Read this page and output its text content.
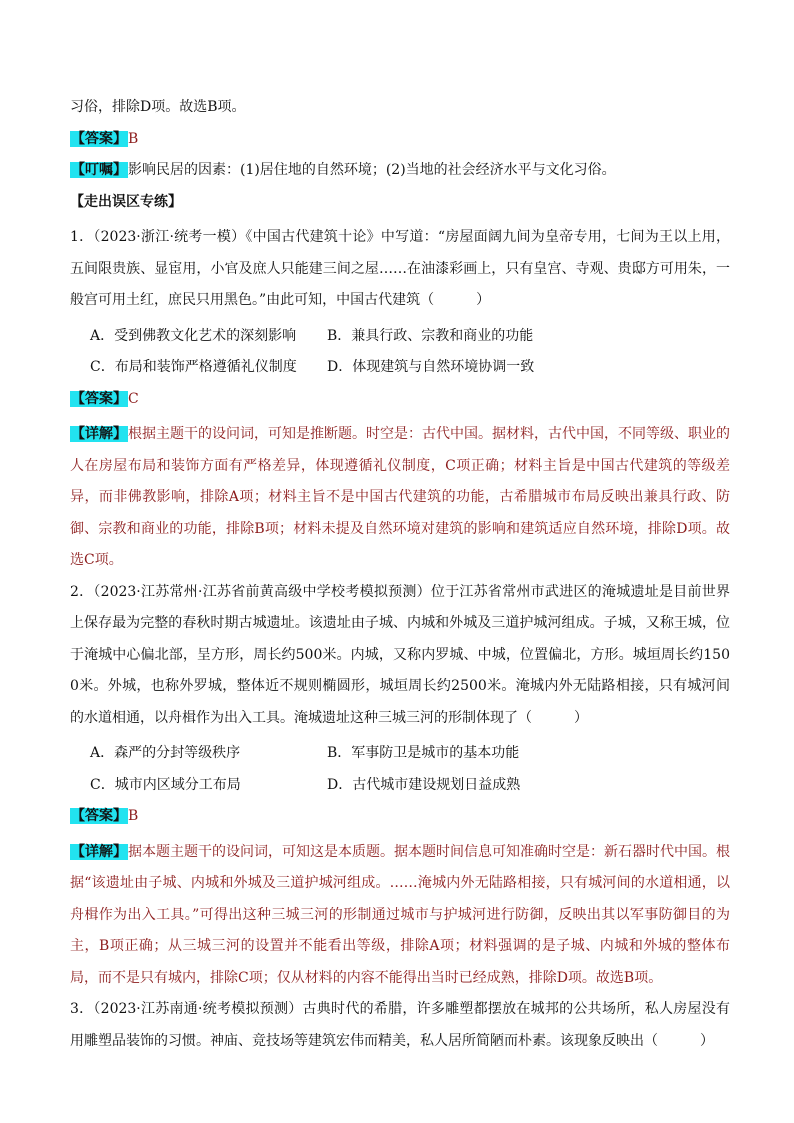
习俗，排除D项。故选B项。

【答案】B

【叮嘱】影响民居的因素：(1)居住地的自然环境；(2)当地的社会经济水平与文化习俗。

【走出误区专练】

1．（2023·浙江·统考一模）《中国古代建筑十论》中写道：“房屋面阔九间为皇帝专用，七间为王以上用，五间限贵族、显宦用，小官及庶人只能建三间之屋……在油漆彩画上，只有皇宫、寺观、贵邸方可用朱，一般宫可用土红，庶民只用黑色。”由此可知，中国古代建筑（　　　）

A．受到佛教文化艺术的深刻影响	B．兼具行政、宗教和商业的功能
C．布局和装饰严格遵循礼仪制度	D．体现建筑与自然环境协调一致

【答案】C

【详解】根据主题干的设问词，可知是推断题。时空是：古代中国。据材料，古代中国，不同等级、职业的人在房屋布局和装饰方面有严格差异，体现遵循礼仪制度，C项正确；材料主旨是中国古代建筑的等级差异，而非佛教影响，排除A项；材料主旨不是中国古代建筑的功能，古希腊城市布局反映出兼具行政、防御、宗教和商业的功能，排除B项；材料未提及自然环境对建筑的影响和建筑适应自然环境，排除D项。故选C项。

2．（2023·江苏常州·江苏省前黄高级中学校考模拟预测）位于江苏省常州市武进区的淹城遗址是目前世界上保存最为完整的春秋时期古城遗址。该遗址由子城、内城和外城及三道护城河组成。子城，又称王城，位于淹城中心偏北部，呈方形，周长约500米。内城，又称内罗城、中城，位置偏北，方形。城垣周长约1500米。外城，也称外罗城，整体近不规则椭圆形，城垣周长约2500米。淹城内外无陆路相接，只有城河间的水道相通，以舟楫作为出入工具。淹城遗址这种三城三河的形制体现了（　　　）

A．森严的分封等级秩序	B．军事防卫是城市的基本功能
C．城市内区域分工布局	D．古代城市建设规划日益成熟

【答案】B

【详解】据本题主题干的设问词，可知这是本质题。据本题时间信息可知准确时空是：新石器时代中国。根据“该遗址由子城、内城和外城及三道护城河组成。……淹城内外无陆路相接，只有城河间的水道相通，以舟楫作为出入工具。”可得出这种三城三河的形制通过城市与护城河进行防御，反映出其以军事防御目的为主，B项正确；从三城三河的设置并不能看出等级，排除A项；材料强调的是子城、内城和外城的整体布局，而不是只有城内，排除C项；仅从材料的内容不能得出当时已经成熟，排除D项。故选B项。

3．（2023·江苏南通·统考模拟预测）古典时代的希腊，许多雕塑都摆放在城邦的公共场所，私人房屋没有用雕塑品装饰的习惯。神庙、竞技场等建筑宏伟而精美，私人居所简陋而朴素。该现象反映出（　　　）
